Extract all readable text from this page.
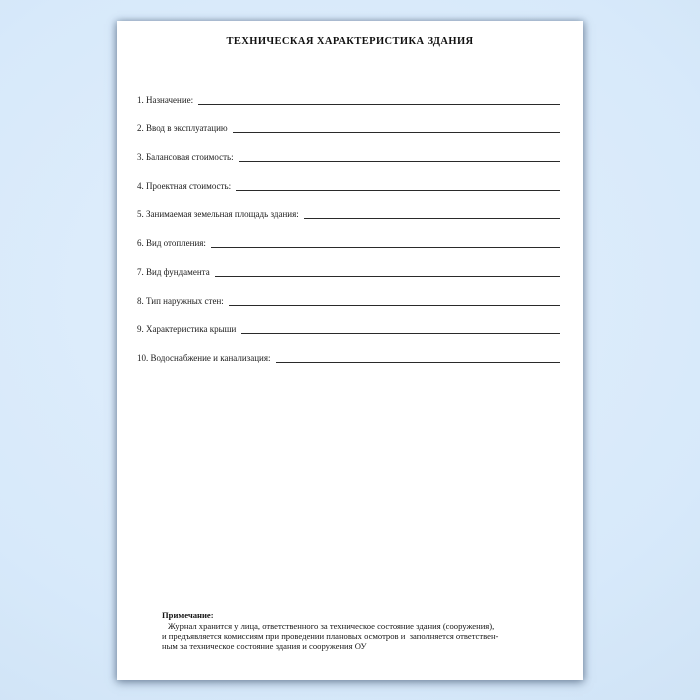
ТЕХНИЧЕСКАЯ ХАРАКТЕРИСТИКА ЗДАНИЯ
1. Назначение:
2. Ввод в эксплуатацию
3. Балансовая стоимость:
4. Проектная стоимость:
5. Занимаемая земельная площадь здания:
6. Вид отопления:
7. Вид фундамента
8. Тип наружных стен:
9. Характеристика крыши
10. Водоснабжение и канализация:
Примечание:
Журнал хранится у лица, ответственного за техническое состояние здания (сооружения),
и предъявляется комиссиям при проведении плановых осмотров и  заполняется ответствен-
ным за техническое состояние здания и сооружения ОУ
